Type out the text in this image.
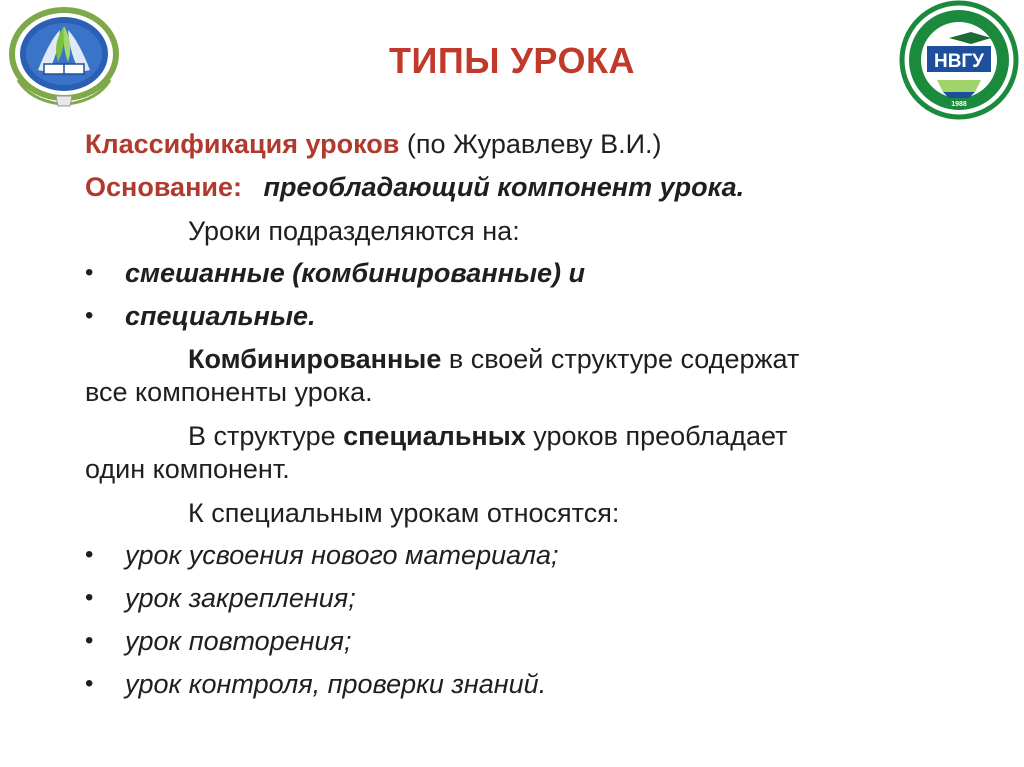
НВГУ
1988
ТИПЫ УРОКА
Классификация уроков (по Журавлеву В.И.)
Основание: преобладающий компонент урока.
Уроки подразделяются на:
• смешанные (комбинированные) и
• специальные.
Комбинированные в своей структуре содержат
все компоненты урока.
В структуре специальных уроков преобладает
один компонент.
К специальным урокам относятся:
• урок усвоения нового материала;
• урок закрепления;
• урок повторения;
• урок контроля, проверки знаний.
